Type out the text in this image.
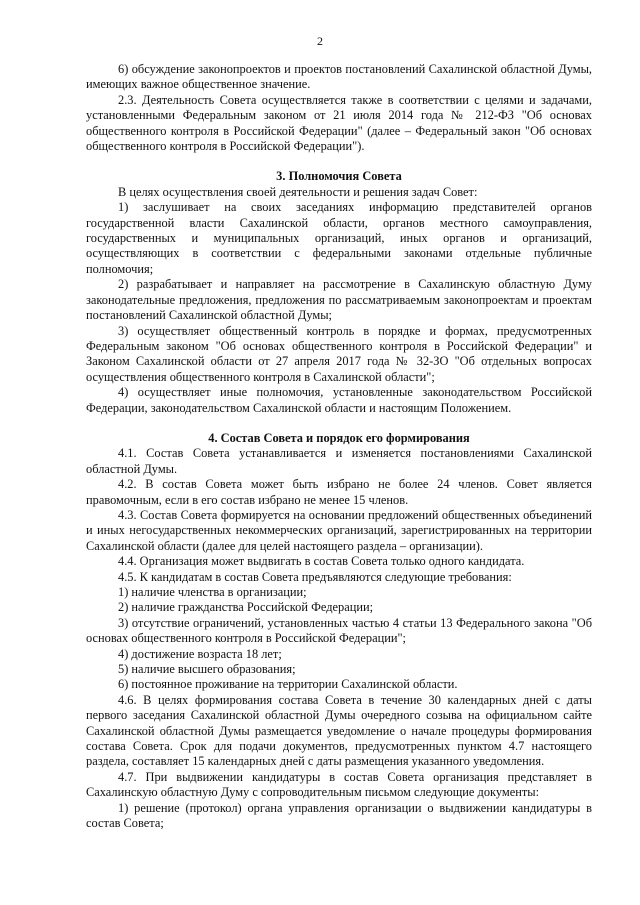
2

6) обсуждение законопроектов и проектов постановлений Сахалинской областной Думы, имеющих важное общественное значение.

2.3. Деятельность Совета осуществляется также в соответствии с целями и задачами, установленными Федеральным законом от 21 июля 2014 года № 212-ФЗ "Об основах общественного контроля в Российской Федерации" (далее – Федеральный закон "Об основах общественного контроля в Российской Федерации").

3. Полномочия Совета

В целях осуществления своей деятельности и решения задач Совет:

1) заслушивает на своих заседаниях информацию представителей органов государственной власти Сахалинской области, органов местного самоуправления, государственных и муниципальных организаций, иных органов и организаций, осуществляющих в соответствии с федеральными законами отдельные публичные полномочия;

2) разрабатывает и направляет на рассмотрение в Сахалинскую областную Думу законодательные предложения, предложения по рассматриваемым законопроектам и проектам постановлений Сахалинской областной Думы;

3) осуществляет общественный контроль в порядке и формах, предусмотренных Федеральным законом "Об основах общественного контроля в Российской Федерации" и Законом Сахалинской области от 27 апреля 2017 года № 32-ЗО "Об отдельных вопросах осуществления общественного контроля в Сахалинской области";

4) осуществляет иные полномочия, установленные законодательством Российской Федерации, законодательством Сахалинской области и настоящим Положением.

4. Состав Совета и порядок его формирования

4.1. Состав Совета устанавливается и изменяется постановлениями Сахалинской областной Думы.

4.2. В состав Совета может быть избрано не более 24 членов. Совет является правомочным, если в его состав избрано не менее 15 членов.

4.3. Состав Совета формируется на основании предложений общественных объединений и иных негосударственных некоммерческих организаций, зарегистрированных на территории Сахалинской области (далее для целей настоящего раздела – организации).

4.4. Организация может выдвигать в состав Совета только одного кандидата.

4.5. К кандидатам в состав Совета предъявляются следующие требования:

1) наличие членства в организации;

2) наличие гражданства Российской Федерации;

3) отсутствие ограничений, установленных частью 4 статьи 13 Федерального закона "Об основах общественного контроля в Российской Федерации";

4) достижение возраста 18 лет;

5) наличие высшего образования;

6) постоянное проживание на территории Сахалинской области.

4.6. В целях формирования состава Совета в течение 30 календарных дней с даты первого заседания Сахалинской областной Думы очередного созыва на официальном сайте Сахалинской областной Думы размещается уведомление о начале процедуры формирования состава Совета. Срок для подачи документов, предусмотренных пунктом 4.7 настоящего раздела, составляет 15 календарных дней с даты размещения указанного уведомления.

4.7. При выдвижении кандидатуры в состав Совета организация представляет в Сахалинскую областную Думу с сопроводительным письмом следующие документы:

1) решение (протокол) органа управления организации о выдвижении кандидатуры в состав Совета;
